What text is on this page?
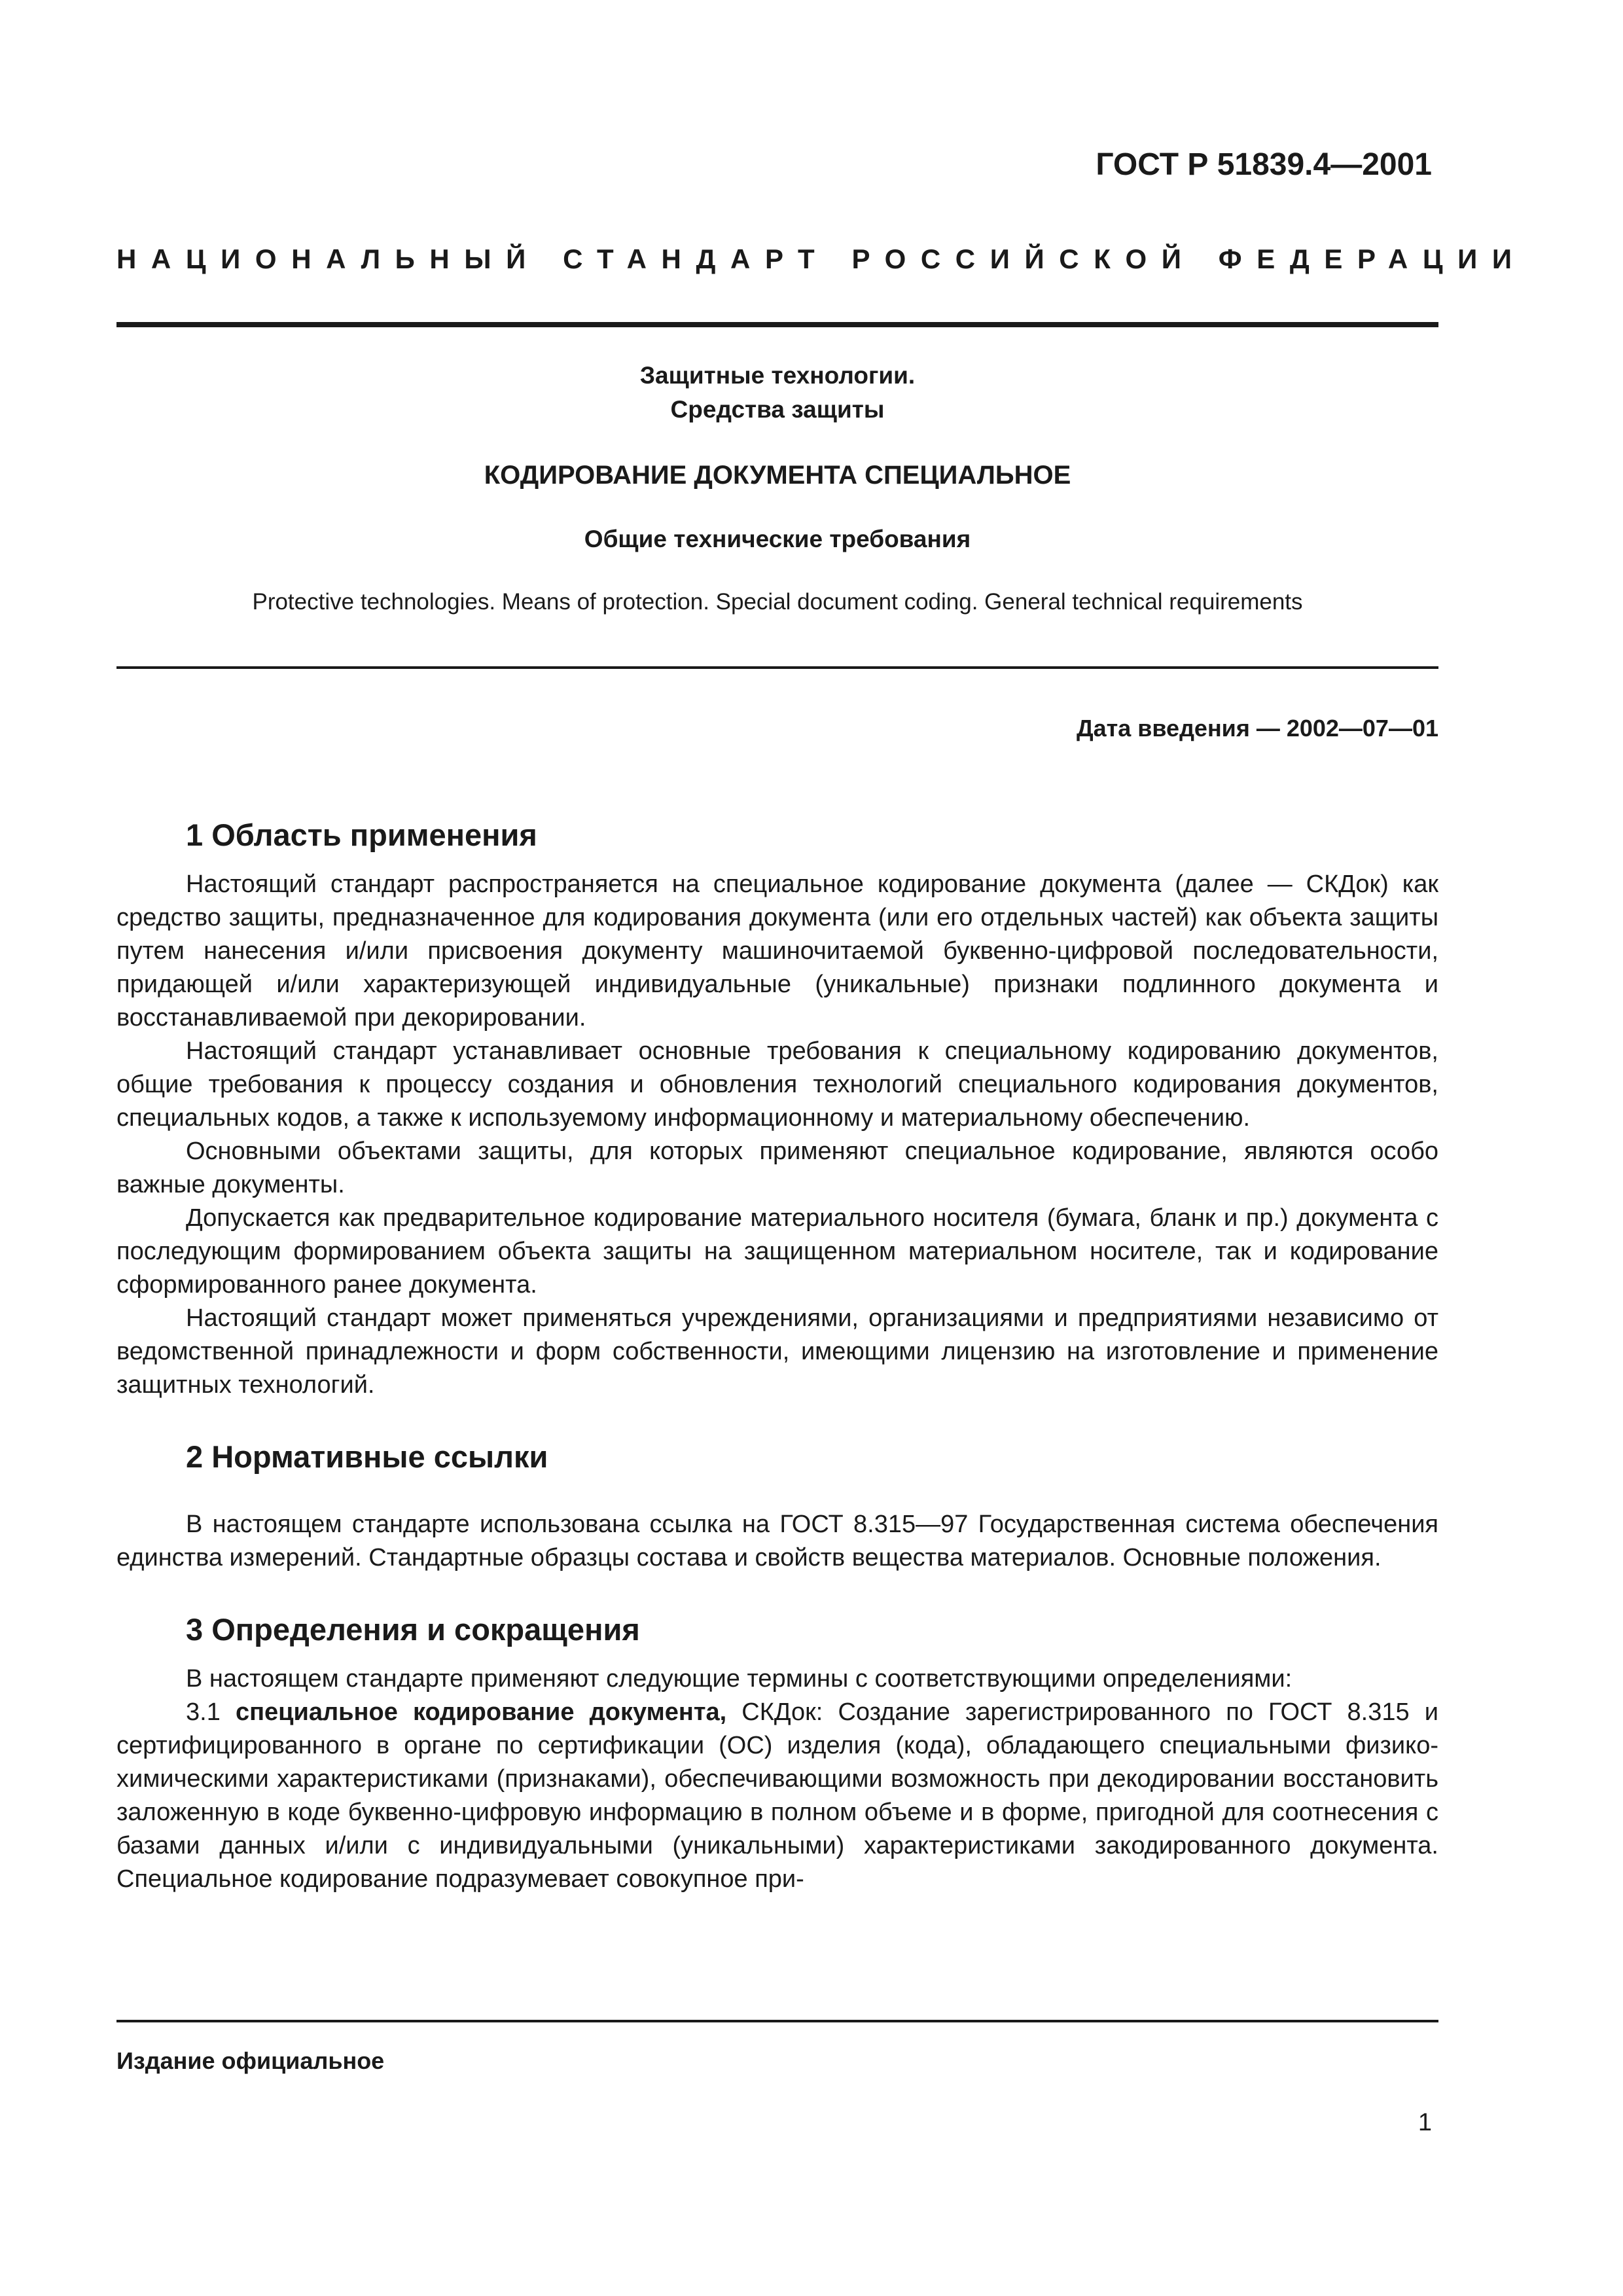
ГОСТ Р 51839.4—2001
НАЦИОНАЛЬНЫЙ СТАНДАРТ РОССИЙСКОЙ ФЕДЕРАЦИИ
Защитные технологии.
Средства защиты
КОДИРОВАНИЕ ДОКУМЕНТА СПЕЦИАЛЬНОЕ
Общие технические требования
Protective technologies. Means of protection. Special document coding. General technical requirements
Дата введения — 2002—07—01
1 Область применения

Настоящий стандарт распространяется на специальное кодирование документа (далее — СКДок) как средство защиты, предназначенное для кодирования документа (или его отдельных частей) как объекта защиты путем нанесения и/или присвоения документу машиночитаемой буквенно-цифровой последовательности, придающей и/или характеризующей индивидуальные (уникальные) признаки подлинного документа и восстанавливаемой при декорировании.

Настоящий стандарт устанавливает основные требования к специальному кодированию документов, общие требования к процессу создания и обновления технологий специального кодирования документов, специальных кодов, а также к используемому информационному и материальному обеспечению.

Основными объектами защиты, для которых применяют специальное кодирование, являются особо важные документы.

Допускается как предварительное кодирование материального носителя (бумага, бланк и пр.) документа с последующим формированием объекта защиты на защищенном материальном носителе, так и кодирование сформированного ранее документа.

Настоящий стандарт может применяться учреждениями, организациями и предприятиями независимо от ведомственной принадлежности и форм собственности, имеющими лицензию на изготовление и применение защитных технологий.

2 Нормативные ссылки

В настоящем стандарте использована ссылка на ГОСТ 8.315—97 Государственная система обеспечения единства измерений. Стандартные образцы состава и свойств вещества материалов. Основные положения.

3 Определения и сокращения

В настоящем стандарте применяют следующие термины с соответствующими определениями:

3.1 специальное кодирование документа, СКДок: Создание зарегистрированного по ГОСТ 8.315 и сертифицированного в органе по сертификации (ОС) изделия (кода), обладающего специальными физико-химическими характеристиками (признаками), обеспечивающими возможность при декодировании восстановить заложенную в коде буквенно-цифровую информацию в полном объеме и в форме, пригодной для соотнесения с базами данных и/или с индивидуальными (уникальными) характеристиками закодированного документа. Специальное кодирование подразумевает совокупное при-

Издание официальное
1
